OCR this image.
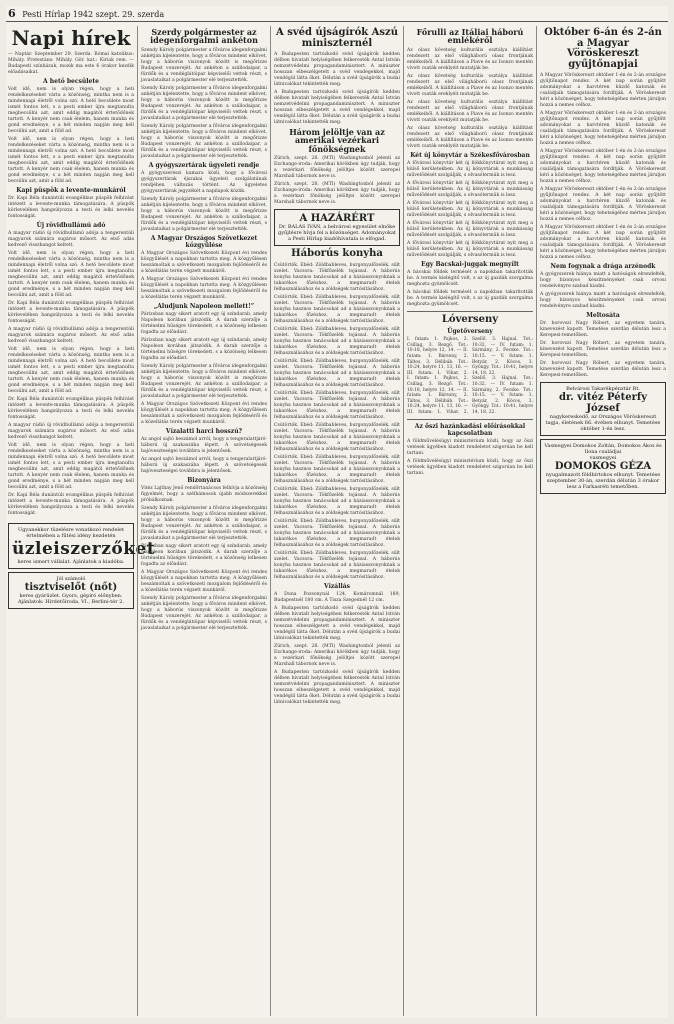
6 Pesti Hírlap 1942 szept. 29. szerda
Napi hírek
— Naptár. Szeptember 29. Szerda. Római katolikus: Mihály. Protestáns: Mihály. Gör. kat.: Kiriak rem. — Budapesti színházak, mozik ma este 6 órakor kezdik előadásaikat.
A hetö becsülete
Volt idő, nem is olyan régen, hogy a heti rendelkezéseket várta a közönség, mintha nem is a mindennapi életről volna szó. A hetö becsülete most ismét fontos lett, s a pesti ember újra megtanulta megbecsülni azt, amit eddig magától értetődőnek tartott. A kenyér nem csak élelem, hanem munka és gond eredménye, s a hét minden napján meg kell becsülni azt, amit a föld ad.
Volt idő, nem is olyan régen, hogy a heti rendelkezéseket várta a közönség, mintha nem is a mindennapi életről volna szó. A hetö becsülete most ismét fontos lett, s a pesti ember újra megtanulta megbecsülni azt, amit eddig magától értetődőnek tartott. A kenyér nem csak élelem, hanem munka és gond eredménye, s a hét minden napján meg kell becsülni azt, amit a föld ad.
Kapi püspök a levente-munkáról
Dr. Kapi Béla dunántúli evangélikus püspök felhívást intézett a levente-munka támogatására. A püspök körlevelében hangsúlyozza a testi és lelki nevelés fontosságát.
Új rövidhullámú adó
A magyar rádió új rövidhullámú adója a tengerentúli magyarok számára sugároz műsort. Az első adás kedvező visszhangot keltett.
Volt idő, nem is olyan régen, hogy a heti rendelkezéseket várta a közönség, mintha nem is a mindennapi életről volna szó. A hetö becsülete most ismét fontos lett, s a pesti ember újra megtanulta megbecsülni azt, amit eddig magától értetődőnek tartott. A kenyér nem csak élelem, hanem munka és gond eredménye, s a hét minden napján meg kell becsülni azt, amit a föld ad.
Dr. Kapi Béla dunántúli evangélikus püspök felhívást intézett a levente-munka támogatására. A püspök körlevelében hangsúlyozza a testi és lelki nevelés fontosságát.
A magyar rádió új rövidhullámú adója a tengerentúli magyarok számára sugároz műsort. Az első adás kedvező visszhangot keltett.
Volt idő, nem is olyan régen, hogy a heti rendelkezéseket várta a közönség, mintha nem is a mindennapi életről volna szó. A hetö becsülete most ismét fontos lett, s a pesti ember újra megtanulta megbecsülni azt, amit eddig magától értetődőnek tartott. A kenyér nem csak élelem, hanem munka és gond eredménye, s a hét minden napján meg kell becsülni azt, amit a föld ad.
Dr. Kapi Béla dunántúli evangélikus püspök felhívást intézett a levente-munka támogatására. A püspök körlevelében hangsúlyozza a testi és lelki nevelés fontosságát.
A magyar rádió új rövidhullámú adója a tengerentúli magyarok számára sugároz műsort. Az első adás kedvező visszhangot keltett.
Volt idő, nem is olyan régen, hogy a heti rendelkezéseket várta a közönség, mintha nem is a mindennapi életről volna szó. A hetö becsülete most ismét fontos lett, s a pesti ember újra megtanulta megbecsülni azt, amit eddig magától értetődőnek tartott. A kenyér nem csak élelem, hanem munka és gond eredménye, s a hét minden napján meg kell becsülni azt, amit a föld ad.
Dr. Kapi Béla dunántúli evangélikus püspök felhívást intézett a levente-munka támogatására. A püspök körlevelében hangsúlyozza a testi és lelki nevelés fontosságát.
Ugyanekkor tüzelésre vonatkozó rendelet értelmében a fűtési idény kezdetén
üzleiszerzőket
keres ismert vállalat. Ajánlatok a kiadóba.
Jól számoló
tisztviselőt (nőt)
keres gyárüzlet. Gyors, gépíró előnyben. Ajánlatok: Hirdetőiroda, VI., Berlini-tér 2.
Szerdy polgármester az idegenforgalmi ankéton
Szendy Károly polgármester a főváros idegenforgalmi ankétján kijelentette, hogy a főváros mindent elkövet, hogy a háborús viszonyok között is megőrizze Budapest vonzerejét. Az ankéton a szállodaipar, a fürdők és a vendéglátóipar képviselői vettek részt, s javaslataikat a polgármester elé terjesztették.
Szendy Károly polgármester a főváros idegenforgalmi ankétján kijelentette, hogy a főváros mindent elkövet, hogy a háborús viszonyok között is megőrizze Budapest vonzerejét. Az ankéton a szállodaipar, a fürdők és a vendéglátóipar képviselői vettek részt, s javaslataikat a polgármester elé terjesztették.
Szendy Károly polgármester a főváros idegenforgalmi ankétján kijelentette, hogy a főváros mindent elkövet, hogy a háborús viszonyok között is megőrizze Budapest vonzerejét. Az ankéton a szállodaipar, a fürdők és a vendéglátóipar képviselői vettek részt, s javaslataikat a polgármester elé terjesztették.
A gyógyszertárak ügyeleti rendje
A gyógyszerészi kamara közli, hogy a fővárosi gyógyszertárak éjszakai ügyeleti szolgálatának rendjében változás történt. Az ügyeletes gyógyszertárak jegyzékét a napilapok közlik.
Szendy Károly polgármester a főváros idegenforgalmi ankétján kijelentette, hogy a főváros mindent elkövet, hogy a háborús viszonyok között is megőrizze Budapest vonzerejét. Az ankéton a szállodaipar, a fürdők és a vendéglátóipar képviselői vettek részt, s javaslataikat a polgármester elé terjesztették.
A Magyar Országos Szövetkezet közgyűlése
A Magyar Országos Szövetkezeti Központ évi rendes közgyűlését a napokban tartotta meg. A közgyűlésen beszámoltak a szövetkezeti mozgalom fejlődéséről és a közellátás terén végzett munkáról.
A Magyar Országos Szövetkezeti Központ évi rendes közgyűlését a napokban tartotta meg. A közgyűlésen beszámoltak a szövetkezeti mozgalom fejlődéséről és a közellátás terén végzett munkáról.
„Aludjunk Napoleon mellett!”
Párizsban nagy sikert aratott egy új színdarab, amely Napoleon korában játszódik. A darab szerzője a történelmi hűségre törekedett, s a közönség lelkesen fogadta az előadást.
Párizsban nagy sikert aratott egy új színdarab, amely Napoleon korában játszódik. A darab szerzője a történelmi hűségre törekedett, s a közönség lelkesen fogadta az előadást.
Szendy Károly polgármester a főváros idegenforgalmi ankétján kijelentette, hogy a főváros mindent elkövet, hogy a háborús viszonyok között is megőrizze Budapest vonzerejét. Az ankéton a szállodaipar, a fürdők és a vendéglátóipar képviselői vettek részt, s javaslataikat a polgármester elé terjesztették.
A Magyar Országos Szövetkezeti Központ évi rendes közgyűlését a napokban tartotta meg. A közgyűlésen beszámoltak a szövetkezeti mozgalom fejlődéséről és a közellátás terén végzett munkáról.
Vízalatti harci hosszú?
Az angol sajtó beszámol arról, hogy a tengeralattjáró-háború új szakaszába lépett. A szövetségesek hajóveszteségei továbbra is jelentősek.
Az angol sajtó beszámol arról, hogy a tengeralattjáró-háború új szakaszába lépett. A szövetségesek hajóveszteségei továbbra is jelentősek.
Bizonyára
Vitéz Lajthay Jenő rendőrtanácsos felhívja a közönség figyelmét, hogy a szélhámosok újabb módszerekkel próbálkoznak.
Szendy Károly polgármester a főváros idegenforgalmi ankétján kijelentette, hogy a főváros mindent elkövet, hogy a háborús viszonyok között is megőrizze Budapest vonzerejét. Az ankéton a szállodaipar, a fürdők és a vendéglátóipar képviselői vettek részt, s javaslataikat a polgármester elé terjesztették.
Párizsban nagy sikert aratott egy új színdarab, amely Napoleon korában játszódik. A darab szerzője a történelmi hűségre törekedett, s a közönség lelkesen fogadta az előadást.
A Magyar Országos Szövetkezeti Központ évi rendes közgyűlését a napokban tartotta meg. A közgyűlésen beszámoltak a szövetkezeti mozgalom fejlődéséről és a közellátás terén végzett munkáról.
Szendy Károly polgármester a főváros idegenforgalmi ankétján kijelentette, hogy a főváros mindent elkövet, hogy a háborús viszonyok között is megőrizze Budapest vonzerejét. Az ankéton a szállodaipar, a fürdők és a vendéglátóipar képviselői vettek részt, s javaslataikat a polgármester elé terjesztették.
A svéd újságírók Aszú miniszternél
A Budapesten tartózkodó svéd újságírók kedden délben hivatalt helyiségében felkeresték Antal István nemzetvédelmi propagandaminisztert. A miniszter hosszan elbeszélgetett a svéd vendégekkel, majd vendégül látta őket. Délután a svéd újságírók a budai látnivalókat tekintették meg.
A Budapesten tartózkodó svéd újságírók kedden délben hivatalt helyiségében felkeresték Antal István nemzetvédelmi propagandaminisztert. A miniszter hosszan elbeszélgetett a svéd vendégekkel, majd vendégül látta őket. Délután a svéd újságírók a budai látnivalókat tekintették meg.
Három jelöltje van az amerikai vezérkari főnökségnek
Zürich, szept. 28. (MTI) Washingtonból jelenti az Exchange-iroda: Amerikai körökben úgy tudják, hogy a vezérkari főnökség jelöltjei között szerepel Marshall tábornok neve is.
Zürich, szept. 28. (MTI) Washingtonból jelenti az Exchange-iroda: Amerikai körökben úgy tudják, hogy a vezérkari főnökség jelöltjei között szerepel Marshall tábornok neve is.
A HAZÁRÉRT
Dr. BALÁS IVÁN, a belvárosi egyesület elnöke gyűjtésre hívja fel a közönséget. Adományokat a Pesti Hírlap kiadóhivatala is elfogad.
Háborús konyha
Csütörtök. Ebéd: Zöldbableves, burgonyafőzelék, sült szelet. Vacsora: Tökfőzelék tojással. A háborús konyha hasznos tanácsokat ad a háziasszonyoknak a takarékos főzéshez, a megmaradt ételek felhasználásához és a zöldségek tartósításához.
Csütörtök. Ebéd: Zöldbableves, burgonyafőzelék, sült szelet. Vacsora: Tökfőzelék tojással. A háborús konyha hasznos tanácsokat ad a háziasszonyoknak a takarékos főzéshez, a megmaradt ételek felhasználásához és a zöldségek tartósításához.
Csütörtök. Ebéd: Zöldbableves, burgonyafőzelék, sült szelet. Vacsora: Tökfőzelék tojással. A háborús konyha hasznos tanácsokat ad a háziasszonyoknak a takarékos főzéshez, a megmaradt ételek felhasználásához és a zöldségek tartósításához.
Csütörtök. Ebéd: Zöldbableves, burgonyafőzelék, sült szelet. Vacsora: Tökfőzelék tojással. A háborús konyha hasznos tanácsokat ad a háziasszonyoknak a takarékos főzéshez, a megmaradt ételek felhasználásához és a zöldségek tartósításához.
Csütörtök. Ebéd: Zöldbableves, burgonyafőzelék, sült szelet. Vacsora: Tökfőzelék tojással. A háborús konyha hasznos tanácsokat ad a háziasszonyoknak a takarékos főzéshez, a megmaradt ételek felhasználásához és a zöldségek tartósításához.
Csütörtök. Ebéd: Zöldbableves, burgonyafőzelék, sült szelet. Vacsora: Tökfőzelék tojással. A háborús konyha hasznos tanácsokat ad a háziasszonyoknak a takarékos főzéshez, a megmaradt ételek felhasználásához és a zöldségek tartósításához.
Csütörtök. Ebéd: Zöldbableves, burgonyafőzelék, sült szelet. Vacsora: Tökfőzelék tojással. A háborús konyha hasznos tanácsokat ad a háziasszonyoknak a takarékos főzéshez, a megmaradt ételek felhasználásához és a zöldségek tartósításához.
Csütörtök. Ebéd: Zöldbableves, burgonyafőzelék, sült szelet. Vacsora: Tökfőzelék tojással. A háborús konyha hasznos tanácsokat ad a háziasszonyoknak a takarékos főzéshez, a megmaradt ételek felhasználásához és a zöldségek tartósításához.
Csütörtök. Ebéd: Zöldbableves, burgonyafőzelék, sült szelet. Vacsora: Tökfőzelék tojással. A háborús konyha hasznos tanácsokat ad a háziasszonyoknak a takarékos főzéshez, a megmaradt ételek felhasználásához és a zöldségek tartósításához.
Csütörtök. Ebéd: Zöldbableves, burgonyafőzelék, sült szelet. Vacsora: Tökfőzelék tojással. A háborús konyha hasznos tanácsokat ad a háziasszonyoknak a takarékos főzéshez, a megmaradt ételek felhasználásához és a zöldségek tartósításához.
Vízállás
A Duna Pozsonynál 124, Komáromnál 189, Budapestnél 180 cm. A Tisza Szegednél 12 cm.
A Budapesten tartózkodó svéd újságírók kedden délben hivatalt helyiségében felkeresték Antal István nemzetvédelmi propagandaminisztert. A miniszter hosszan elbeszélgetett a svéd vendégekkel, majd vendégül látta őket. Délután a svéd újságírók a budai látnivalókat tekintették meg.
Zürich, szept. 28. (MTI) Washingtonból jelenti az Exchange-iroda: Amerikai körökben úgy tudják, hogy a vezérkari főnökség jelöltjei között szerepel Marshall tábornok neve is.
A Budapesten tartózkodó svéd újságírók kedden délben hivatalt helyiségében felkeresték Antal István nemzetvédelmi propagandaminisztert. A miniszter hosszan elbeszélgetett a svéd vendégekkel, majd vendégül látta őket. Délután a svéd újságírók a budai látnivalókat tekintették meg.
Főrulli az Itáliai háború emlékéről
Az olasz követség kulturális osztálya kiállítást rendezett az első világháború olasz frontjának emlékeiből. A kiállításon a Piave és az Isonzo mentén vívott csaták ereklyéit mutatják be.
Az olasz követség kulturális osztálya kiállítást rendezett az első világháború olasz frontjának emlékeiből. A kiállításon a Piave és az Isonzo mentén vívott csaták ereklyéit mutatják be.
Az olasz követség kulturális osztálya kiállítást rendezett az első világháború olasz frontjának emlékeiből. A kiállításon a Piave és az Isonzo mentén vívott csaták ereklyéit mutatják be.
Az olasz követség kulturális osztálya kiállítást rendezett az első világháború olasz frontjának emlékeiből. A kiállításon a Piave és az Isonzo mentén vívott csaták ereklyéit mutatják be.
Két új könyvtár a Székesfővárosban
A fővárosi könyvtár két új fiókkönyvtárat nyit meg a külső kerületekben. Az új könyvtárak a munkásság művelődését szolgálják, s olvasótermük is lesz.
A fővárosi könyvtár két új fiókkönyvtárat nyit meg a külső kerületekben. Az új könyvtárak a munkásság művelődését szolgálják, s olvasótermük is lesz.
A fővárosi könyvtár két új fiókkönyvtárat nyit meg a külső kerületekben. Az új könyvtárak a munkásság művelődését szolgálják, s olvasótermük is lesz.
A fővárosi könyvtár két új fiókkönyvtárat nyit meg a külső kerületekben. Az új könyvtárak a munkásság művelődését szolgálják, s olvasótermük is lesz.
A fővárosi könyvtár két új fiókkönyvtárat nyit meg a külső kerületekben. Az új könyvtárak a munkásság művelődését szolgálják, s olvasótermük is lesz.
Egy Bacskai-juggak megnyílt
A bácskai földek termését a napokban takarították be. A termés kielégítő volt, s az új gazdák szorgalma meghozta gyümölcsét.
A bácskai földek termését a napokban takarították be. A termés kielégítő volt, s az új gazdák szorgalma meghozta gyümölcsét.
Lóverseny
Ügetőverseny
I. futam: 1. Pajkos, 2. Csillag, 3. Rezgő. Tot.: 10:18, helyre 12, 14. — II. futam: 1. Bársony, 2. Táltos, 3. Délibáb. Tot.: 10:24, helyre 11, 13, 16. — III. futam: 1. Vihar, 2. Szellő, 3. Hajnal. Tot.: 10:32. — IV. futam: 1. Sármány, 2. Fecske. Tot.: 10:15. — V. futam: 1. Betyár, 2. Kócos, 3. Gyöngy. Tot.: 10:41, helyre 14, 18, 22.
I. futam: 1. Pajkos, 2. Csillag, 3. Rezgő. Tot.: 10:18, helyre 12, 14. — II. futam: 1. Bársony, 2. Táltos, 3. Délibáb. Tot.: 10:24, helyre 11, 13, 16. — III. futam: 1. Vihar, 2. Szellő, 3. Hajnal. Tot.: 10:32. — IV. futam: 1. Sármány, 2. Fecske. Tot.: 10:15. — V. futam: 1. Betyár, 2. Kócos, 3. Gyöngy. Tot.: 10:41, helyre 14, 18, 22.
Az őszi hazánkadási előírásokkal kapcsolatban
A földművelésügyi minisztérium közli, hogy az őszi vetések ügyében kiadott rendeletet szigorúan be kell tartani.
A földművelésügyi minisztérium közli, hogy az őszi vetések ügyében kiadott rendeletet szigorúan be kell tartani.
Október 6-án és 2-án a Magyar Vöröskereszt gyűjtőnapjai
A Magyar Vöröskereszt október 1-én és 2-án országos gyűjtőnapot rendez. A két nap során gyűjtött adományokat a harctéren küzdő katonák és családjaik támogatására fordítják. A Vöröskereszt kéri a közönséget, hogy tehetségéhez mérten járuljon hozzá a nemes célhoz.
A Magyar Vöröskereszt október 1-én és 2-án országos gyűjtőnapot rendez. A két nap során gyűjtött adományokat a harctéren küzdő katonák és családjaik támogatására fordítják. A Vöröskereszt kéri a közönséget, hogy tehetségéhez mérten járuljon hozzá a nemes célhoz.
A Magyar Vöröskereszt október 1-én és 2-án országos gyűjtőnapot rendez. A két nap során gyűjtött adományokat a harctéren küzdő katonák és családjaik támogatására fordítják. A Vöröskereszt kéri a közönséget, hogy tehetségéhez mérten járuljon hozzá a nemes célhoz.
A Magyar Vöröskereszt október 1-én és 2-án országos gyűjtőnapot rendez. A két nap során gyűjtött adományokat a harctéren küzdő katonák és családjaik támogatására fordítják. A Vöröskereszt kéri a közönséget, hogy tehetségéhez mérten járuljon hozzá a nemes célhoz.
A Magyar Vöröskereszt október 1-én és 2-án országos gyűjtőnapot rendez. A két nap során gyűjtött adományokat a harctéren küzdő katonák és családjaik támogatására fordítják. A Vöröskereszt kéri a közönséget, hogy tehetségéhez mérten járuljon hozzá a nemes célhoz.
Nem fogynak a drága arzénodk
A gyógyszerek hiánya miatt a hatóságok elrendelték, hogy bizonyos készítményeket csak orvosi rendelvényre szabad kiadni.
A gyógyszerek hiánya miatt a hatóságok elrendelték, hogy bizonyos készítményeket csak orvosi rendelvényre szabad kiadni.
Meltosáta
Dr. borovszi Nagy Róbert, az egyetem tanára, kinevezést kapott. Temetése szerdán délután lesz a Kerepesi-temetőben.
Dr. borovszi Nagy Róbert, az egyetem tanára, kinevezést kapott. Temetése szerdán délután lesz a Kerepesi-temetőben.
Dr. borovszi Nagy Róbert, az egyetem tanára, kinevezést kapott. Temetése szerdán délután lesz a Kerepesi-temetőben.
Belvárosi Takarékpénztár Rt.
dr. vitéz Péterfy József
nagykereskedő, az Országos Vöröskereszt tagja, életének 66. évében elhunyt. Temetése október 1-én lesz.
Vasmegyei Domokos Zoltán, Domokos Ákos és Ilona családjai
vasmegyei
DOMOKOS GÉZA
nyugalmazott földbirtokos elhunyt. Temetése szeptember 30-án, szerdán délután 3 órakor lesz a Farkasréti temetőben.
